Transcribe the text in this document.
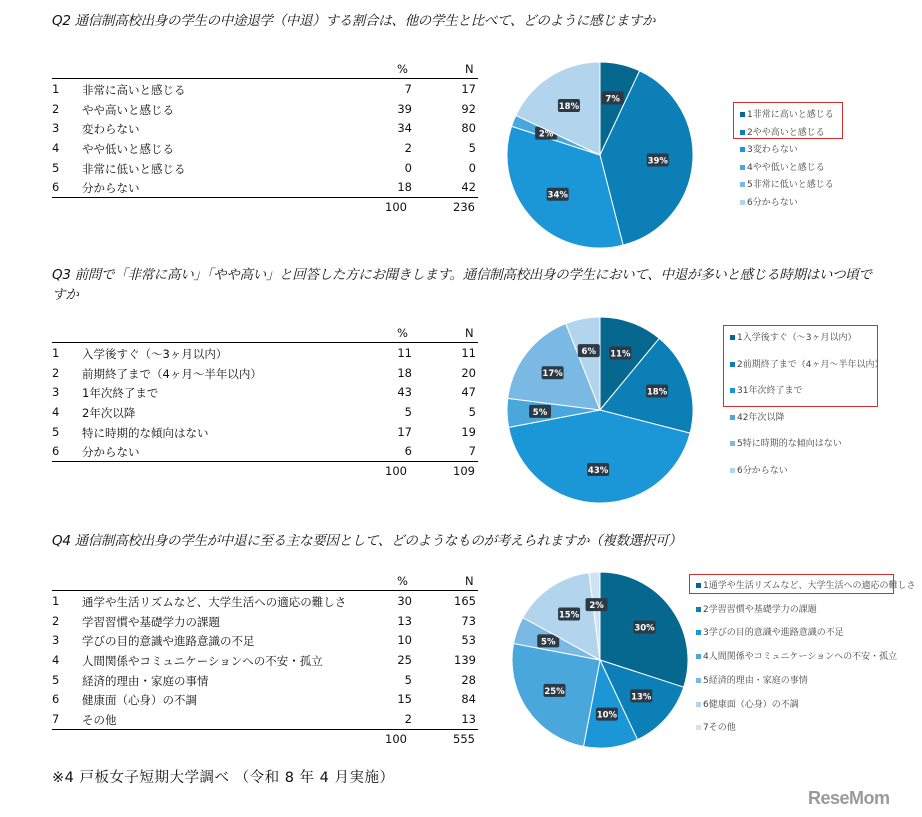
Q2 通信制高校出身の学生の中途退学（中退）する割合は、他の学生と比べて、どのように感じますか
%	N
1 非常に高いと感じる	7	17
2 やや高いと感じる	39	92
3 変わらない	34	80
4 やや低いと感じる	2	5
5 非常に低いと感じる	0	0
6 分からない	18	42
100	236
7%
39%
34%
2%
18%
1非常に高いと感じる
2やや高いと感じる
3変わらない
4やや低いと感じる
5非常に低いと感じる
6分からない
Q3 前問で「非常に高い」「やや高い」と回答した方にお聞きします。通信制高校出身の学生において、中退が多いと感じる時期はいつ頃ですか
%	N
1 入学後すぐ（～3ヶ月以内）	11	11
2 前期終了まで（4ヶ月～半年以内）	18	20
3 1年次終了まで	43	47
4 2年次以降	5	5
5 特に時期的な傾向はない	17	19
6 分からない	6	7
100	109
11%
18%
43%
5%
17%
6%
1入学後すぐ（～3ヶ月以内）
2前期終了まで（4ヶ月～半年以内）
31年次終了まで
42年次以降
5特に時期的な傾向はない
6分からない
Q4 通信制高校出身の学生が中退に至る主な要因として、どのようなものが考えられますか（複数選択可）
%	N
1 通学や生活リズムなど、大学生活への適応の難しさ	30	165
2 学習習慣や基礎学力の課題	13	73
3 学びの目的意識や進路意識の不足	10	53
4 人間関係やコミュニケーションへの不安・孤立	25	139
5 経済的理由・家庭の事情	5	28
6 健康面（心身）の不調	15	84
7 その他	2	13
100	555
30%
13%
10%
25%
5%
15%
2%
1通学や生活リズムなど、大学生活への適応の難しさ
2学習習慣や基礎学力の課題
3学びの目的意識や進路意識の不足
4人間関係やコミュニケーションへの不安・孤立
5経済的理由・家庭の事情
6健康面（心身）の不調
7その他
※4 戸板女子短期大学調べ （令和 8 年 4 月実施）
ReseMom
